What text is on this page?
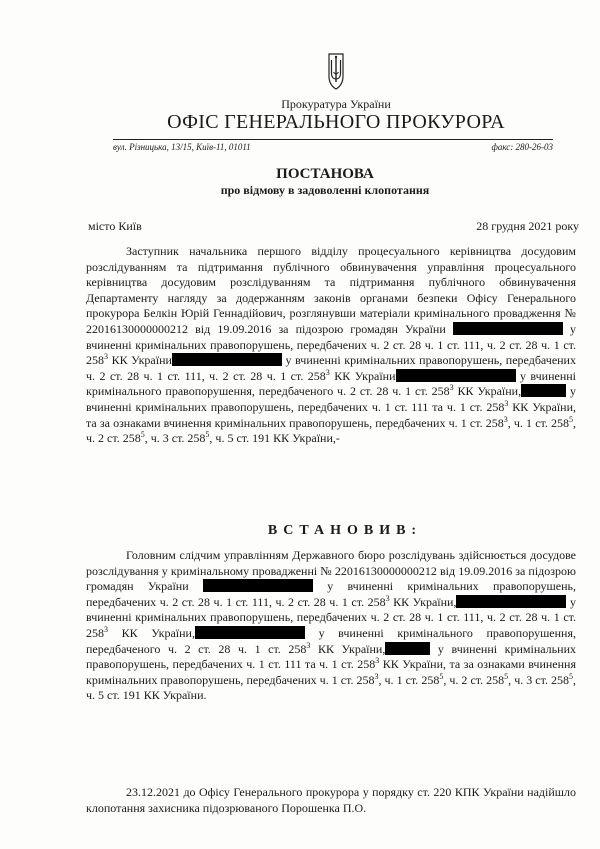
Прокуратура України
ОФІС ГЕНЕРАЛЬНОГО ПРОКУРОРА
вул. Різницька, 13/15, Київ-11, 01011	факс: 280-26-03
ПОСТАНОВА
про відмову в задоволенні клопотання
місто Київ	28 грудня 2021 року
Заступник начальника першого відділу процесуального керівництва досудовим розслідуванням та підтримання публічного обвинувачення управління процесуального керівництва досудовим розслідуванням та підтримання публічного обвинувачення Департаменту нагляду за додержанням законів органами безпеки Офісу Генерального прокурора Белкін Юрій Геннадійович, розглянувши матеріали кримінального провадження № 22016130000000212 від 19.09.2016 за підозрою громадян України	у вчиненні кримінальних правопорушень, передбачених ч. 2 ст. 28 ч. 1 ст. 111, ч. 2 ст. 28 ч. 1 ст. $258^3$ КК України	у вчиненні кримінальних правопорушень, передбачених ч. 2 ст. 28 ч. 1 ст. 111, ч. 2 ст. 28 ч. 1 ст. $258^3$ КК України	у вчиненні кримінального правопорушення, передбаченого ч. 2 ст. 28 ч. 1 ст. $258^3$ КК України,	у вчиненні кримінальних правопорушень, передбачених ч. 1 ст. 111 та ч. 1 ст. $258^3$ КК України, та за ознаками вчинення кримінальних правопорушень, передбачених ч. 1 ст. $258^3$, ч. 1 ст. $258^5$, ч. 2 ст. $258^5$, ч. 3 ст. $258^5$, ч. 5 ст. 191 КК України,-
ВСТАНОВИВ:
Головним слідчим управлінням Державного бюро розслідувань здійснюється досудове розслідування у кримінальному провадженні № 22016130000000212 від 19.09.2016 за підозрою громадян України	у вчиненні кримінальних правопорушень, передбачених ч. 2 ст. 28 ч. 1 ст. 111, ч. 2 ст. 28 ч. 1 ст. $258^3$ КК України,	у вчиненні кримінальних правопорушень, передбачених ч. 2 ст. 28 ч. 1 ст. 111, ч. 2 ст. 28 ч. 1 ст. $258^3$ КК України,	у вчиненні кримінального правопорушення, передбаченого ч. 2 ст. 28 ч. 1 ст. $258^3$ КК України,	у вчиненні кримінальних правопорушень, передбачених ч. 1 ст. 111 та ч. 1 ст. $258^3$ КК України, та за ознаками вчинення кримінальних правопорушень, передбачених ч. 1 ст. $258^3$, ч. 1 ст. $258^5$, ч. 2 ст. $258^5$, ч. 3 ст. $258^5$, ч. 5 ст. 191 КК України.
23.12.2021 до Офісу Генерального прокурора у порядку ст. 220 КПК України надійшло клопотання захисника підозрюваного Порошенка П.О.
